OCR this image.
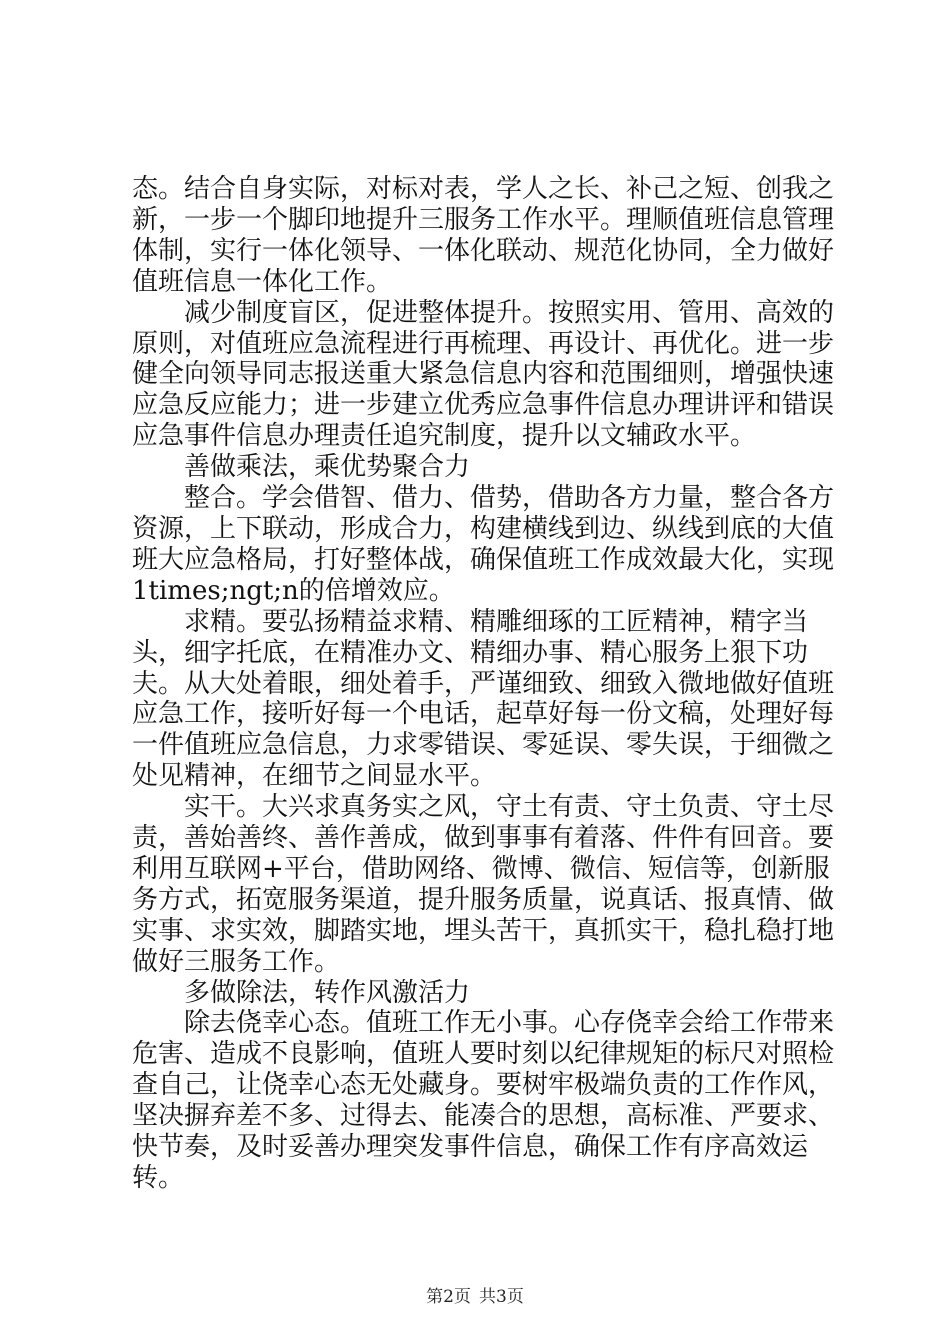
态。结合自身实际，对标对表，学人之长、补己之短、创我之新，一步一个脚印地提升三服务工作水平。理顺值班信息管理体制，实行一体化领导、一体化联动、规范化协同，全力做好值班信息一体化工作。

减少制度盲区，促进整体提升。按照实用、管用、高效的原则，对值班应急流程进行再梳理、再设计、再优化。进一步健全向领导同志报送重大紧急信息内容和范围细则，增强快速应急反应能力；进一步建立优秀应急事件信息办理讲评和错误应急事件信息办理责任追究制度，提升以文辅政水平。

善做乘法，乘优势聚合力

整合。学会借智、借力、借势，借助各方力量，整合各方资源，上下联动，形成合力，构建横线到边、纵线到底的大值班大应急格局，打好整体战，确保值班工作成效最大化，实现1times;ngt;n的倍增效应。

求精。要弘扬精益求精、精雕细琢的工匠精神，精字当头，细字托底，在精准办文、精细办事、精心服务上狠下功夫。从大处着眼，细处着手，严谨细致、细致入微地做好值班应急工作，接听好每一个电话，起草好每一份文稿，处理好每一件值班应急信息，力求零错误、零延误、零失误，于细微之处见精神，在细节之间显水平。

实干。大兴求真务实之风，守土有责、守土负责、守土尽责，善始善终、善作善成，做到事事有着落、件件有回音。要利用互联网+平台，借助网络、微博、微信、短信等，创新服务方式，拓宽服务渠道，提升服务质量，说真话、报真情、做实事、求实效，脚踏实地，埋头苦干，真抓实干，稳扎稳打地做好三服务工作。

多做除法，转作风激活力

除去侥幸心态。值班工作无小事。心存侥幸会给工作带来危害、造成不良影响，值班人要时刻以纪律规矩的标尺对照检查自己，让侥幸心态无处藏身。要树牢极端负责的工作作风，坚决摒弃差不多、过得去、能凑合的思想，高标准、严要求、快节奏，及时妥善办理突发事件信息，确保工作有序高效运转。

第2页 共3页
